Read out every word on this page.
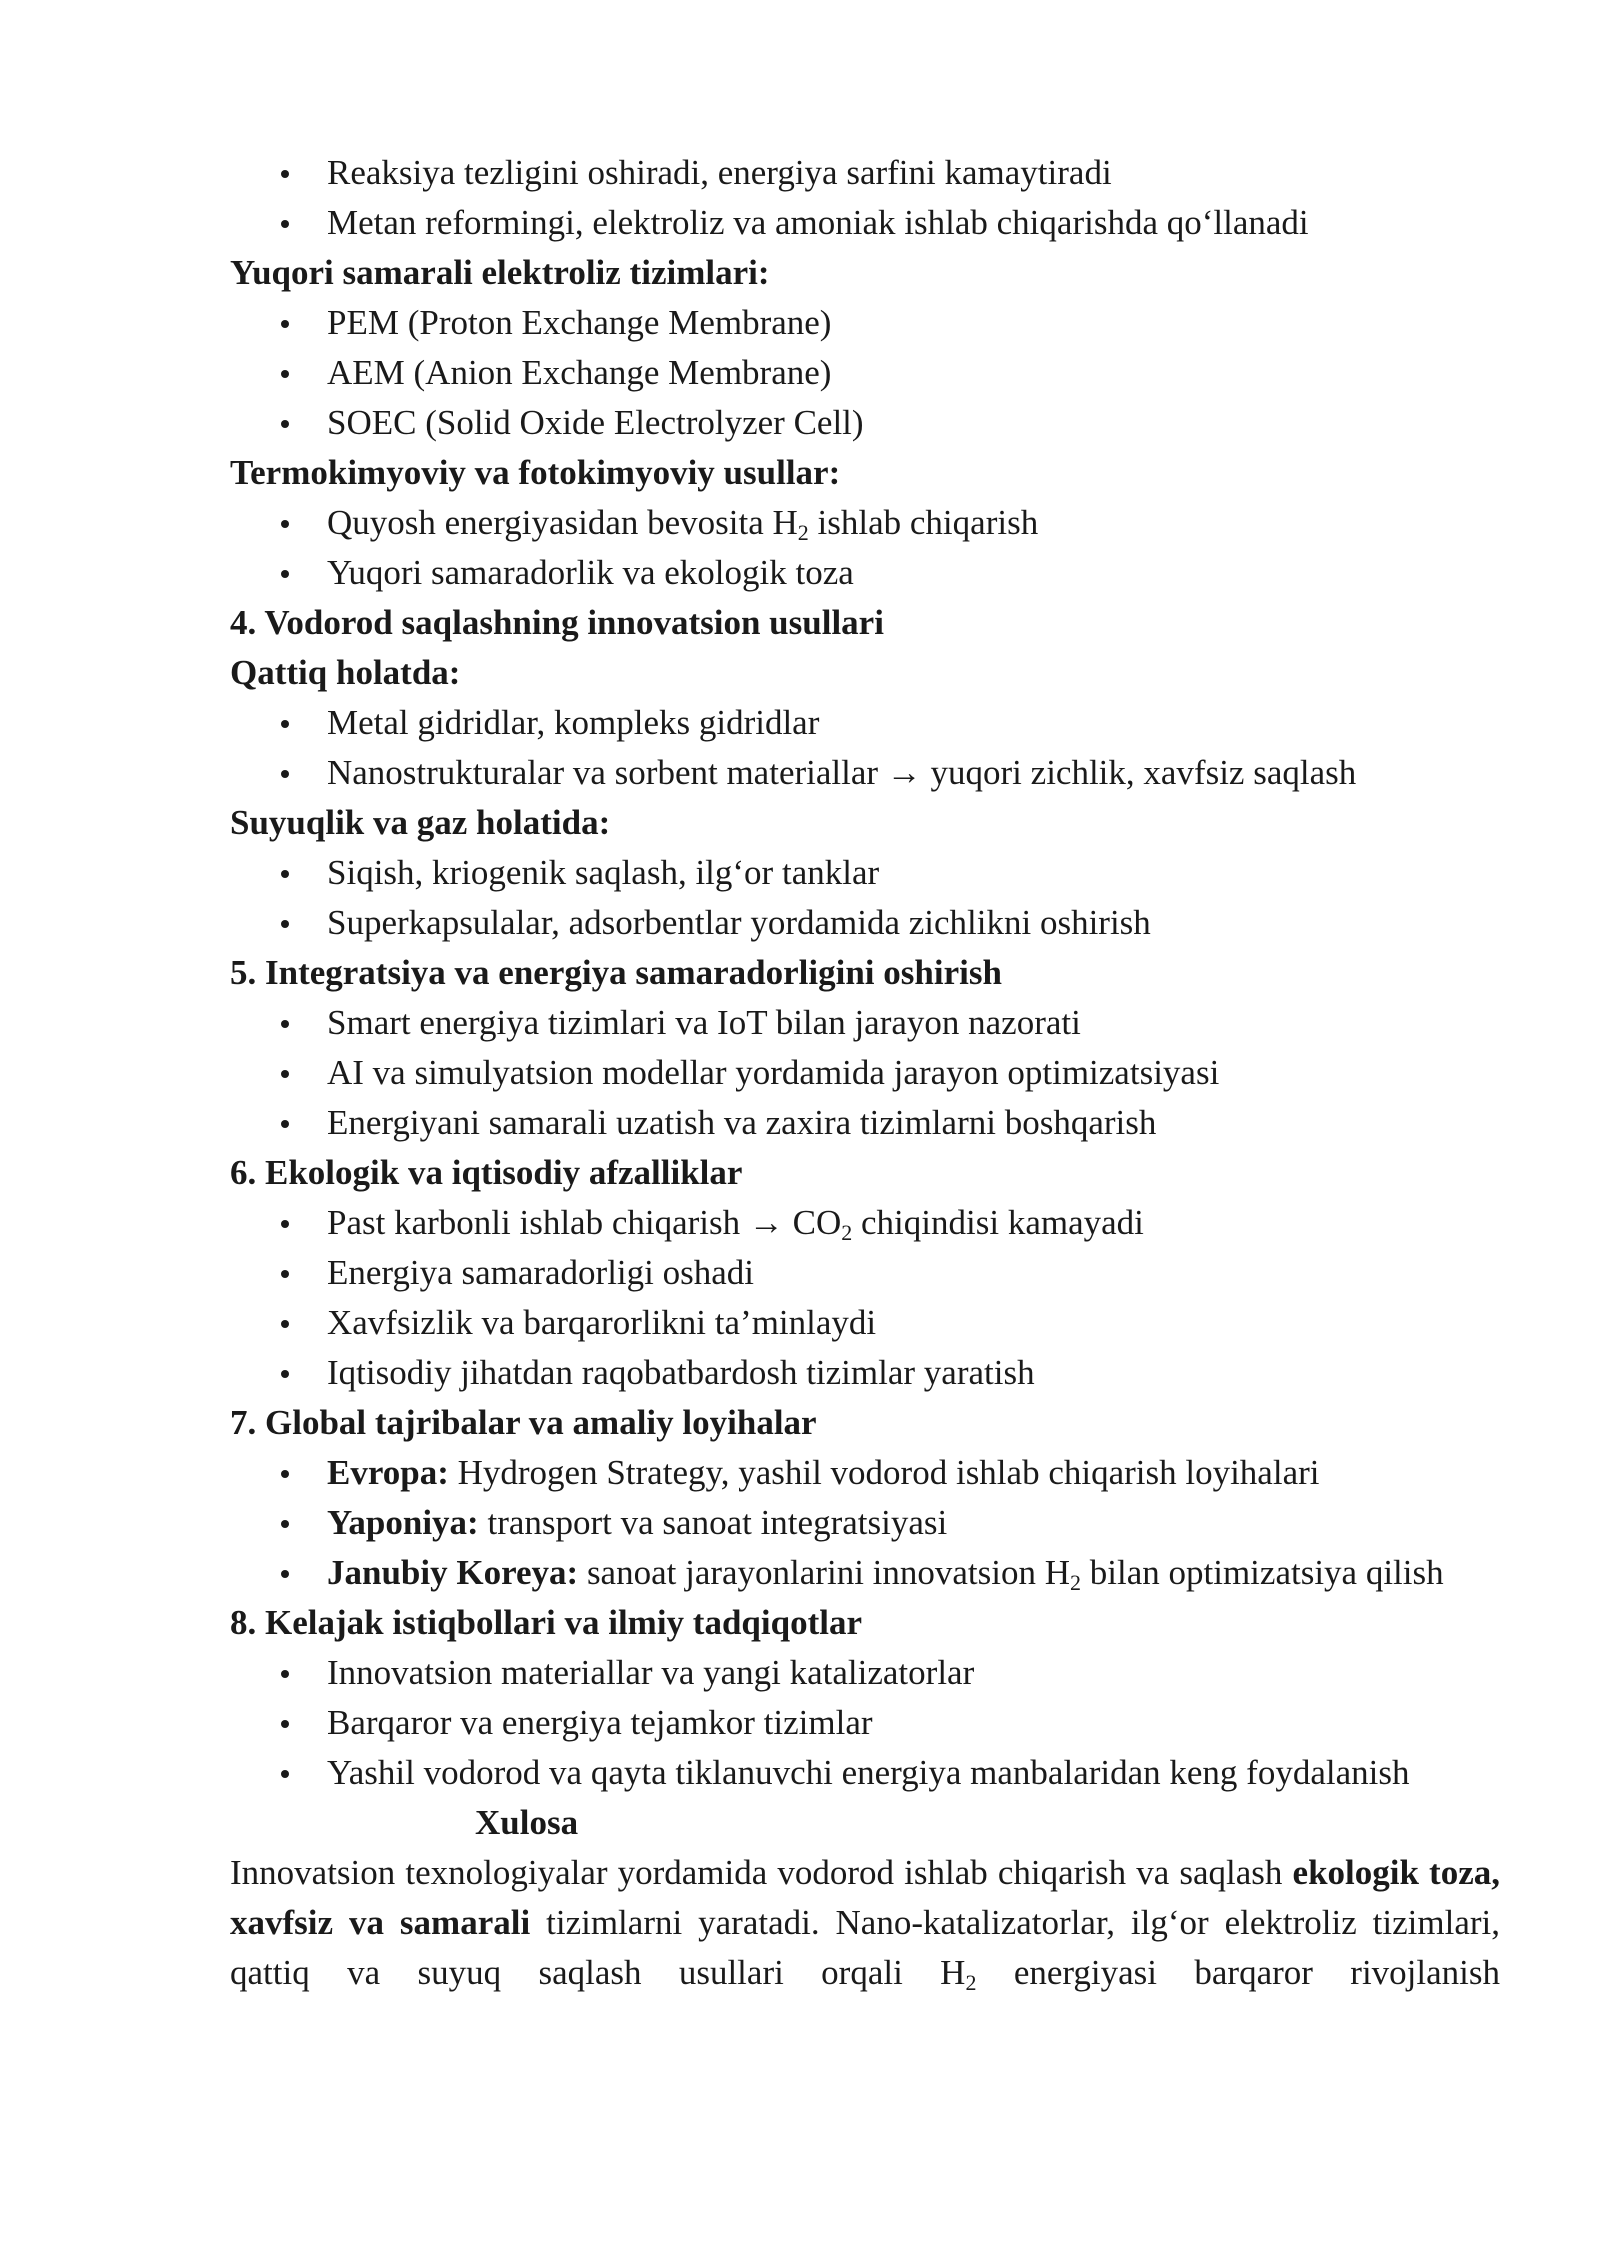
Reaksiya tezligini oshiradi, energiya sarfini kamaytiradi
Metan reformingi, elektroliz va amoniak ishlab chiqarishda qo‘llanadi
Yuqori samarali elektroliz tizimlari:
PEM (Proton Exchange Membrane)
AEM (Anion Exchange Membrane)
SOEC (Solid Oxide Electrolyzer Cell)
Termokimyoviy va fotokimyoviy usullar:
Quyosh energiyasidan bevosita $H_2$ ishlab chiqarish
Yuqori samaradorlik va ekologik toza
4. Vodorod saqlashning innovatsion usullari
Qattiq holatda:
Metal gidridlar, kompleks gidridlar
Nanostrukturalar va sorbent materiallar → yuqori zichlik, xavfsiz saqlash
Suyuqlik va gaz holatida:
Siqish, kriogenik saqlash, ilg‘or tanklar
Superkapsulalar, adsorbentlar yordamida zichlikni oshirish
5. Integratsiya va energiya samaradorligini oshirish
Smart energiya tizimlari va IoT bilan jarayon nazorati
AI va simulyatsion modellar yordamida jarayon optimizatsiyasi
Energiyani samarali uzatish va zaxira tizimlarni boshqarish
6. Ekologik va iqtisodiy afzalliklar
Past karbonli ishlab chiqarish → $CO_2$ chiqindisi kamayadi
Energiya samaradorligi oshadi
Xavfsizlik va barqarorlikni ta’minlaydi
Iqtisodiy jihatdan raqobatbardosh tizimlar yaratish
7. Global tajribalar va amaliy loyihalar
Evropa: Hydrogen Strategy, yashil vodorod ishlab chiqarish loyihalari
Yaponiya: transport va sanoat integratsiyasi
Janubiy Koreya: sanoat jarayonlarini innovatsion $H_2$ bilan optimizatsiya qilish
8. Kelajak istiqbollari va ilmiy tadqiqotlar
Innovatsion materiallar va yangi katalizatorlar
Barqaror va energiya tejamkor tizimlar
Yashil vodorod va qayta tiklanuvchi energiya manbalaridan keng foydalanish
Xulosa

Innovatsion texnologiyalar yordamida vodorod ishlab chiqarish va saqlash ekologik toza, xavfsiz va samarali tizimlarni yaratadi. Nano-katalizatorlar, ilg‘or elektroliz tizimlari, qattiq va suyuq saqlash usullari orqali $H_2$ energiyasi barqaror rivojlanish
